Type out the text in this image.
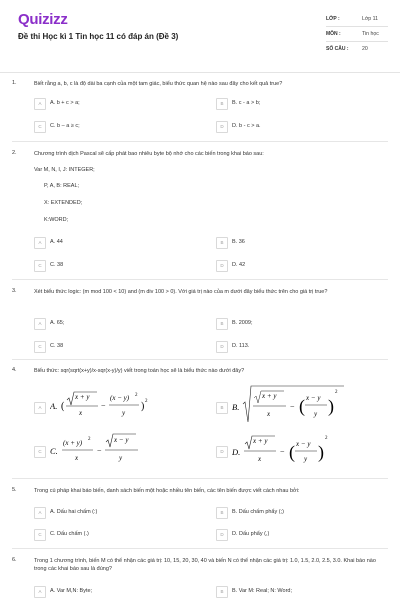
Quizizz
Đề thi Học kì 1 Tin học 11 có đáp án (Đề 3)
LỚP :	Lớp 11
MÔN :	Tin học
SỐ CÂU :	20
1.	Biết rằng a, b, c là độ dài ba cạnh của một tam giác, biểu thức quan hệ nào sau đây cho kết quả true?
A	A. b + c > a;	B	B. c - a > b;
C	C. b – a ≥ c;	D	D. b - c > a.
2.	Chương trình dịch Pascal sẽ cấp phát bao nhiêu byte bộ nhớ cho các biến trong khai báo sau:
Var M, N, I, J: INTEGER;
P, A, B: REAL;
X: EXTENDED;
K:WORD;
A	A. 44	B	B. 36
C	C. 38	D	D. 42
3.	Xét biểu thức logic: (m mod 100 < 10) and (m div 100 > 0). Với giá trị nào của m dưới đây biểu thức trên cho giá trị true?
A	A. 65;	B	B. 2009;
C	C. 38	D	D. 113.
4.	Biểu thức: sqr(sqrt(x+y)/x-sqr(x-y)/y) viết trong toán học sẽ là biểu thức nào dưới đây?
A	A. (
x + y
x
−
(x − y) 2
y
) 2
B	B.
x + y
x
− ( x − y
y )
2
C C.
(x + y) 2
x
−
x − y
y
D D.
x + y
x
− ( x − y
y )
2
5.	Trong cú pháp khai báo biến, danh sách biến một hoặc nhiều tên biến, các tên biến được viết cách nhau bởi:
A	A. Dấu hai chấm (:)	B	B. Dấu chấm phẩy (;)
C	C. Dấu chấm (.)	D	D. Dấu phẩy (,)
6.	Trong 1 chương trình, biến M có thể nhận các giá trị: 10, 15, 20, 30, 40 và biến N có thể nhận các giá trị: 1.0, 1.5, 2.0, 2.5, 3.0. Khai báo nào trong các khai báo sau là đúng?
A	A. Var M,N: Byte;	B	B. Var M: Real; N: Word;
